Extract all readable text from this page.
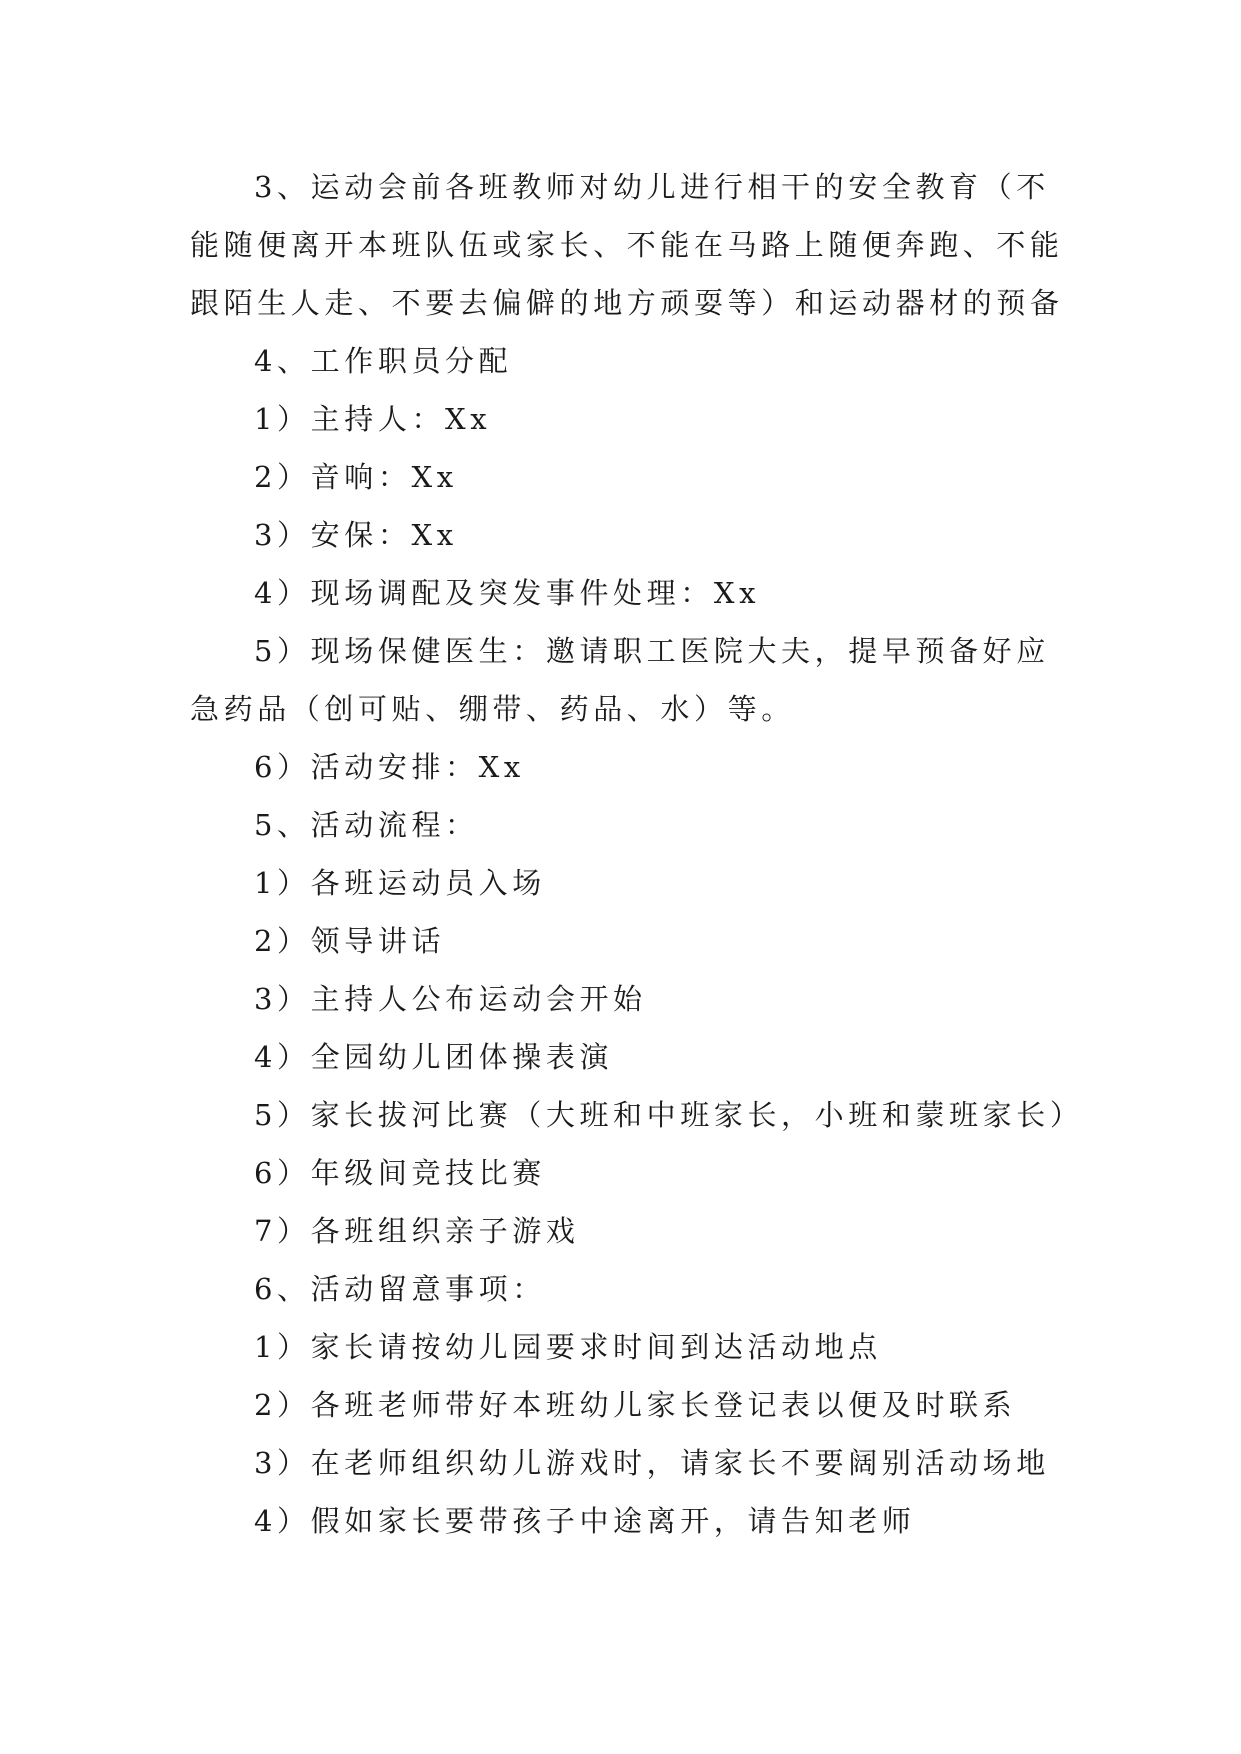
3、运动会前各班教师对幼儿进行相干的安全教育（不

能随便离开本班队伍或家长、不能在马路上随便奔跑、不能

跟陌生人走、不要去偏僻的地方顽耍等）和运动器材的预备

4、工作职员分配

1）主持人：Xx

2）音响：Xx

3）安保：Xx

4）现场调配及突发事件处理：Xx

5）现场保健医生：邀请职工医院大夫，提早预备好应

急药品（创可贴、绷带、药品、水）等。

6）活动安排：Xx

5、活动流程：

1）各班运动员入场

2）领导讲话

3）主持人公布运动会开始

4）全园幼儿团体操表演

5）家长拔河比赛（大班和中班家长，小班和蒙班家长）

6）年级间竞技比赛

7）各班组织亲子游戏

6、活动留意事项：

1）家长请按幼儿园要求时间到达活动地点

2）各班老师带好本班幼儿家长登记表以便及时联系

3）在老师组织幼儿游戏时，请家长不要阔别活动场地

4）假如家长要带孩子中途离开，请告知老师
